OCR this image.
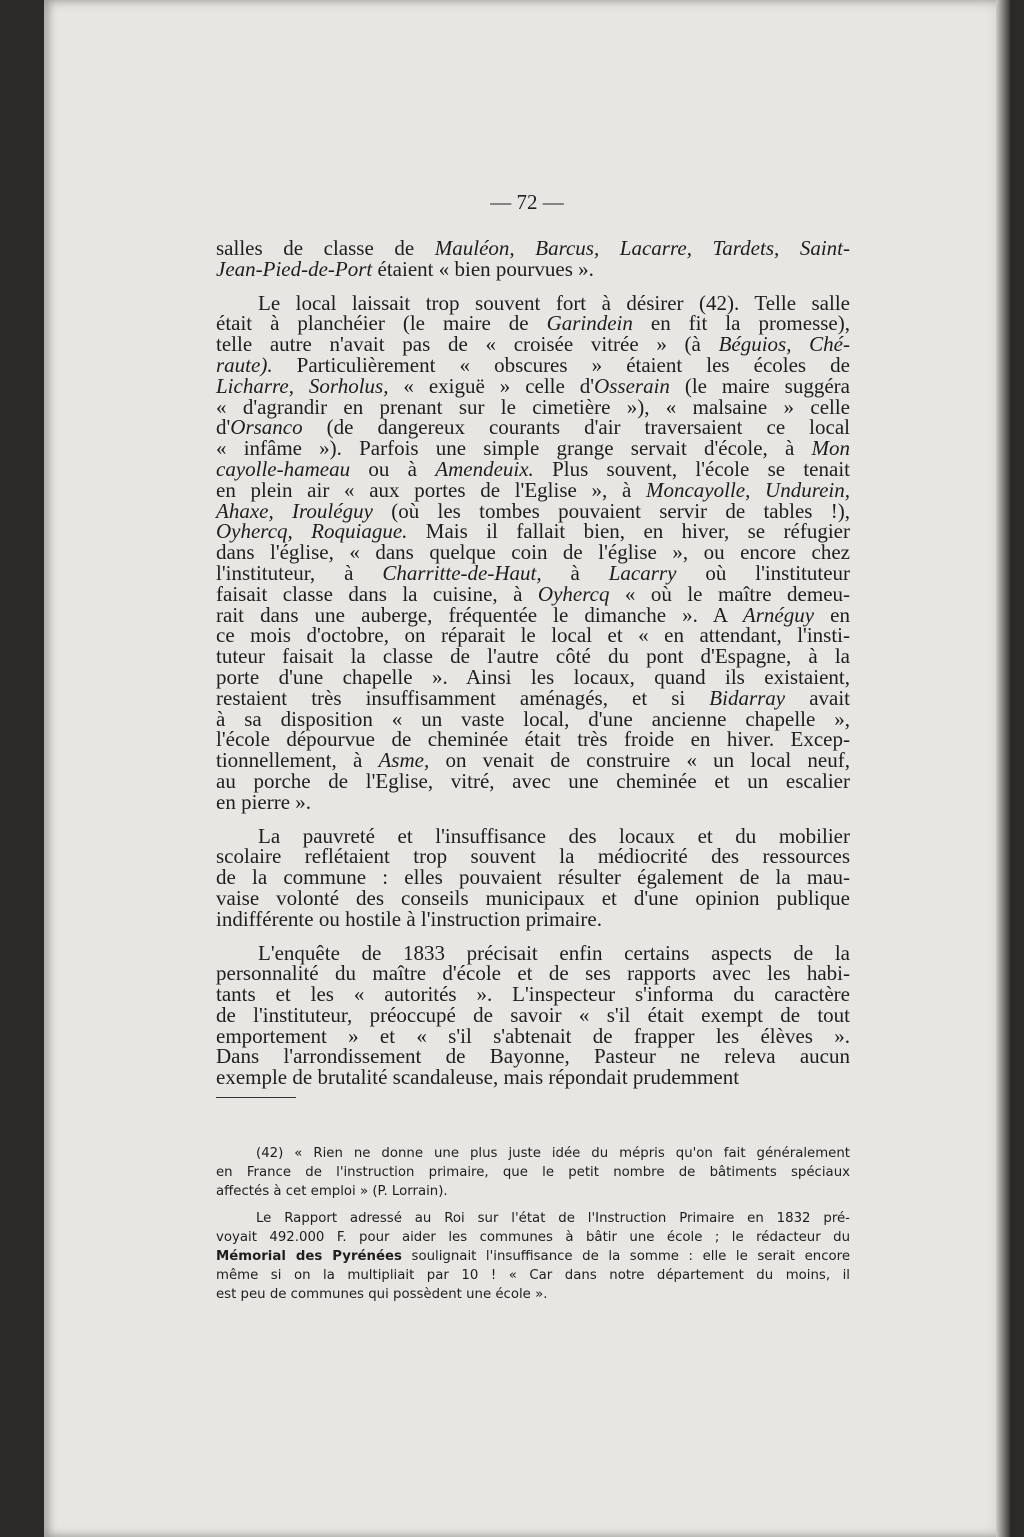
— 72 —
salles de classe de Mauléon, Barcus, Lacarre, Tardets, Saint-
Jean-Pied-de-Port étaient « bien pourvues ».
Le local laissait trop souvent fort à désirer (42). Telle salle
était à planchéier (le maire de Garindein en fit la promesse),
telle autre n'avait pas de « croisée vitrée » (à Béguios, Ché-
raute). Particulièrement « obscures » étaient les écoles de
Licharre, Sorholus, « exiguë » celle d'Osserain (le maire suggéra
« d'agrandir en prenant sur le cimetière »), « malsaine » celle
d'Orsanco (de dangereux courants d'air traversaient ce local
« infâme »). Parfois une simple grange servait d'école, à Mon
cayolle-hameau ou à Amendeuix. Plus souvent, l'école se tenait
en plein air « aux portes de l'Eglise », à Moncayolle, Undurein,
Ahaxe, Irouléguy (où les tombes pouvaient servir de tables !),
Oyhercq, Roquiague. Mais il fallait bien, en hiver, se réfugier
dans l'église, « dans quelque coin de l'église », ou encore chez
l'instituteur, à Charritte-de-Haut, à Lacarry où l'instituteur
faisait classe dans la cuisine, à Oyhercq « où le maître demeu-
rait dans une auberge, fréquentée le dimanche ». A Arnéguy en
ce mois d'octobre, on réparait le local et « en attendant, l'insti-
tuteur faisait la classe de l'autre côté du pont d'Espagne, à la
porte d'une chapelle ». Ainsi les locaux, quand ils existaient,
restaient très insuffisamment aménagés, et si Bidarray avait
à sa disposition « un vaste local, d'une ancienne chapelle »,
l'école dépourvue de cheminée était très froide en hiver. Excep-
tionnellement, à Asme, on venait de construire « un local neuf,
au porche de l'Eglise, vitré, avec une cheminée et un escalier
en pierre ».
La pauvreté et l'insuffisance des locaux et du mobilier
scolaire reflétaient trop souvent la médiocrité des ressources
de la commune : elles pouvaient résulter également de la mau-
vaise volonté des conseils municipaux et d'une opinion publique
indifférente ou hostile à l'instruction primaire.
L'enquête de 1833 précisait enfin certains aspects de la
personnalité du maître d'école et de ses rapports avec les habi-
tants et les « autorités ». L'inspecteur s'informa du caractère
de l'instituteur, préoccupé de savoir « s'il était exempt de tout
emportement » et « s'il s'abtenait de frapper les élèves ».
Dans l'arrondissement de Bayonne, Pasteur ne releva aucun
exemple de brutalité scandaleuse, mais répondait prudemment
(42) « Rien ne donne une plus juste idée du mépris qu'on fait généralement
en France de l'instruction primaire, que le petit nombre de bâtiments spéciaux
affectés à cet emploi » (P. Lorrain).
Le Rapport adressé au Roi sur l'état de l'Instruction Primaire en 1832 pré-
voyait 492.000 F. pour aider les communes à bâtir une école ; le rédacteur du
Mémorial des Pyrénées soulignait l'insuffisance de la somme : elle le serait encore
même si on la multipliait par 10 ! « Car dans notre département du moins, il
est peu de communes qui possèdent une école ».
